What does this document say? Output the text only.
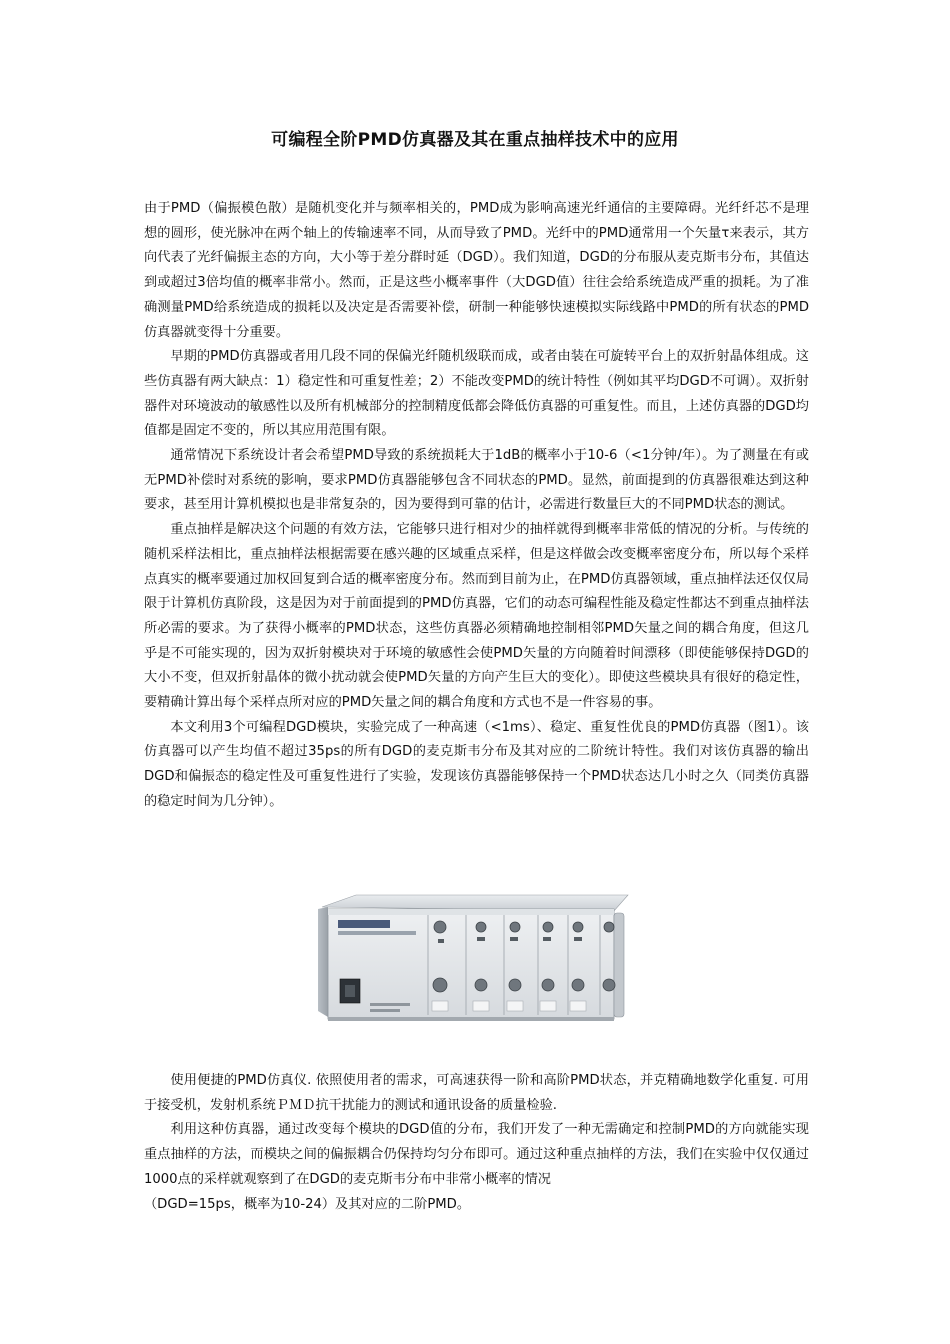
可编程全阶PMD仿真器及其在重点抽样技术中的应用

由于PMD（偏振模色散）是随机变化并与频率相关的，PMD成为影响高速光纤通信的主要障碍。光纤纤芯不是理想的圆形，使光脉冲在两个轴上的传输速率不同，从而导致了PMD。光纤中的PMD通常用一个矢量τ来表示，其方向代表了光纤偏振主态的方向，大小等于差分群时延（DGD）。我们知道，DGD的分布服从麦克斯韦分布，其值达到或超过3倍均值的概率非常小。然而，正是这些小概率事件（大DGD值）往往会给系统造成严重的损耗。为了准确测量PMD给系统造成的损耗以及决定是否需要补偿，研制一种能够快速模拟实际线路中PMD的所有状态的PMD仿真器就变得十分重要。

早期的PMD仿真器或者用几段不同的保偏光纤随机级联而成，或者由装在可旋转平台上的双折射晶体组成。这些仿真器有两大缺点：1）稳定性和可重复性差；2）不能改变PMD的统计特性（例如其平均DGD不可调）。双折射器件对环境波动的敏感性以及所有机械部分的控制精度低都会降低仿真器的可重复性。而且，上述仿真器的DGD均值都是固定不变的，所以其应用范围有限。

通常情况下系统设计者会希望PMD导致的系统损耗大于1dB的概率小于10-6（<1分钟/年）。为了测量在有或无PMD补偿时对系统的影响，要求PMD仿真器能够包含不同状态的PMD。显然，前面提到的仿真器很难达到这种要求，甚至用计算机模拟也是非常复杂的，因为要得到可靠的估计，必需进行数量巨大的不同PMD状态的测试。

重点抽样是解决这个问题的有效方法，它能够只进行相对少的抽样就得到概率非常低的情况的分析。与传统的随机采样法相比，重点抽样法根据需要在感兴趣的区域重点采样，但是这样做会改变概率密度分布，所以每个采样点真实的概率要通过加权回复到合适的概率密度分布。然而到目前为止，在PMD仿真器领域，重点抽样法还仅仅局限于计算机仿真阶段，这是因为对于前面提到的PMD仿真器，它们的动态可编程性能及稳定性都达不到重点抽样法所必需的要求。为了获得小概率的PMD状态，这些仿真器必须精确地控制相邻PMD矢量之间的耦合角度，但这几乎是不可能实现的，因为双折射模块对于环境的敏感性会使PMD矢量的方向随着时间漂移（即使能够保持DGD的大小不变，但双折射晶体的微小扰动就会使PMD矢量的方向产生巨大的变化）。即使这些模块具有很好的稳定性，要精确计算出每个采样点所对应的PMD矢量之间的耦合角度和方式也不是一件容易的事。

本文利用3个可编程DGD模块，实验完成了一种高速（<1ms）、稳定、重复性优良的PMD仿真器（图1）。该仿真器可以产生均值不超过35ps的所有DGD的麦克斯韦分布及其对应的二阶统计特性。我们对该仿真器的输出DGD和偏振态的稳定性及可重复性进行了实验，发现该仿真器能够保持一个PMD状态达几小时之久（同类仿真器的稳定时间为几分钟）。

使用便捷的PMD仿真仪. 依照使用者的需求，可高速获得一阶和高阶PMD状态，并克精确地数学化重复. 可用于接受机，发射机系统ＰＭＤ抗干扰能力的测试和通讯设备的质量检验.

利用这种仿真器，通过改变每个模块的DGD值的分布，我们开发了一种无需确定和控制PMD的方向就能实现重点抽样的方法，而模块之间的偏振耦合仍保持均匀分布即可。通过这种重点抽样的方法，我们在实验中仅仅通过1000点的采样就观察到了在DGD的麦克斯韦分布中非常小概率的情况

（DGD=15ps，概率为10-24）及其对应的二阶PMD。
